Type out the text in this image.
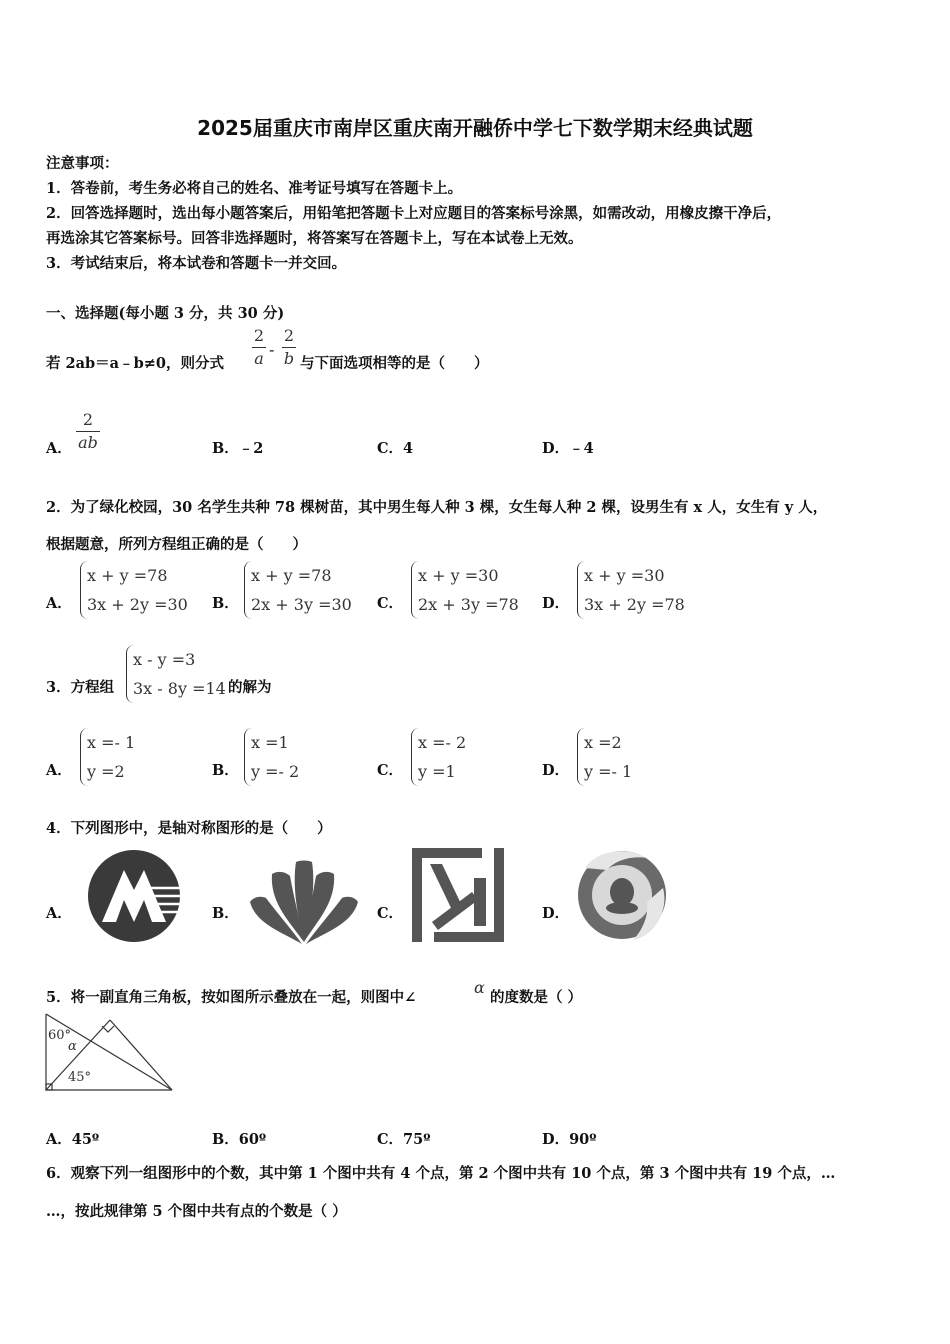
2025届重庆市南岸区重庆南开融侨中学七下数学期末经典试题
注意事项：
1．答卷前，考生务必将自己的姓名、准考证号填写在答题卡上。
2．回答选择题时，选出每小题答案后，用铅笔把答题卡上对应题目的答案标号涂黑，如需改动，用橡皮擦干净后，
再选涂其它答案标号。回答非选择题时，将答案写在答题卡上，写在本试卷上无效。
3．考试结束后，将本试卷和答题卡一并交回。
一、选择题(每小题 3 分，共 30 分)
若 2ab＝a﹣b≠0，则分式
2
a -
2
b 与下面选项相等的是（　　）
A．
2
ab	B．﹣2	C．4	D．﹣4
2．为了绿化校园，30 名学生共种 78 棵树苗，其中男生每人种 3 棵，女生每人种 2 棵，设男生有 x 人，女生有 y 人，
根据题意，所列方程组正确的是（　　）
A．
x + y =78
3x + 2y =30 B．
x + y =78
2x + 3y =30 C．
x + y =30
2x + 3y =78 D．
x + y =30
3x + 2y =78
3．方程组
x - y =3
3x - 8y =14 的解为
A．
x =- 1
y =2	B．
x =1
y =- 2	C．
x =- 2
y =1	D．
x =2
y =- 1
4．下列图形中，是轴对称图形的是（　　）
A．	B．	C．	D．
5．将一副直角三角板，按如图所示叠放在一起，则图中∠
α
的度数是（ ）
60°
α
45°
A．45º	B．60º	C．75º	D．90º
6．观察下列一组图形中的个数，其中第 1 个图中共有 4 个点，第 2 个图中共有 10 个点，第 3 个图中共有 19 个点，…
…，按此规律第 5 个图中共有点的个数是（ ）
